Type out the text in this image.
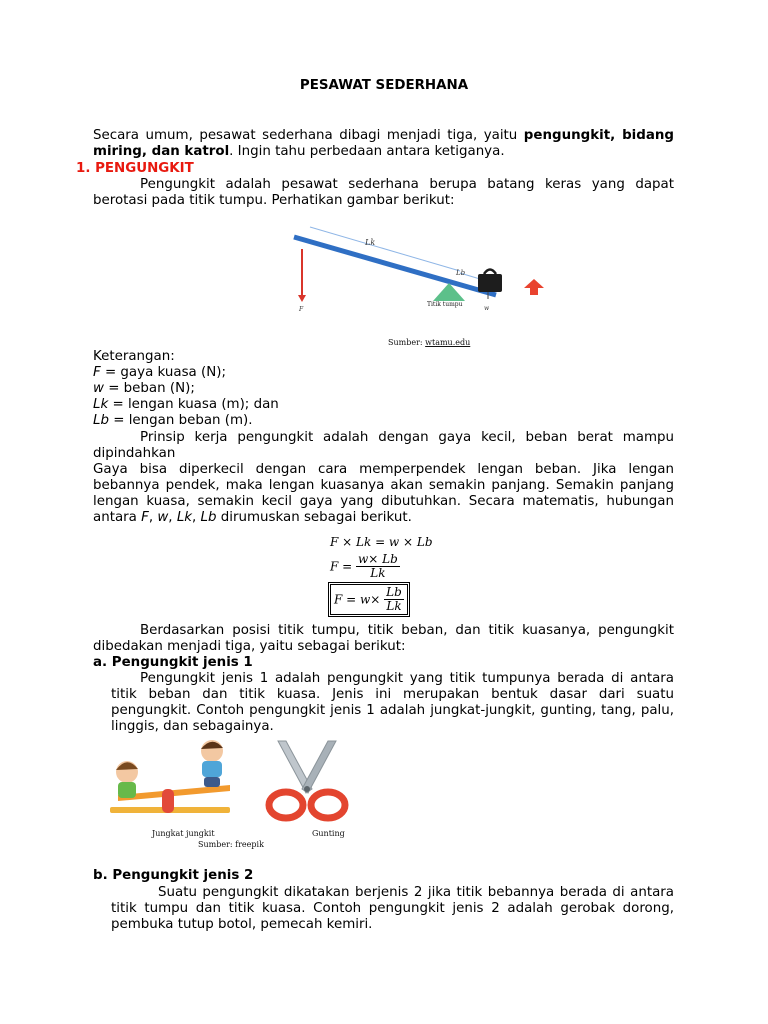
PESAWAT SEDERHANA
Secara umum, pesawat sederhana dibagi menjadi tiga, yaitu pengungkit, bidang miring, dan katrol. Ingin tahu perbedaan antara ketiganya.
1. PENGUNGKIT
Pengungkit adalah pesawat sederhana berupa batang keras yang dapat berotasi pada titik tumpu. Perhatikan gambar berikut:
Lk
Lb
Titik tumpu
F	w
Sumber: wtamu.edu
Keterangan:
F = gaya kuasa (N);
w = beban (N);
Lk = lengan kuasa (m); dan
Lb = lengan beban (m).
Prinsip kerja pengungkit adalah dengan gaya kecil, beban berat mampu dipindahkan
Gaya bisa diperkecil dengan cara memperpendek lengan beban. Jika lengan bebannya pendek, maka lengan kuasanya akan semakin panjang. Semakin panjang lengan kuasa, semakin kecil gaya yang dibutuhkan. Secara matematis, hubungan antara F, w, Lk, Lb dirumuskan sebagai berikut.
F × Lk = w × Lb
$F = \frac{w\times Lb}{Lk}$
$F = w\times \frac{Lb}{Lk}$
Berdasarkan posisi titik tumpu, titik beban, dan titik kuasanya, pengungkit dibedakan menjadi tiga, yaitu sebagai berikut:
a. Pengungkit jenis 1
Pengungkit jenis 1 adalah pengungkit yang titik tumpunya berada di antara titik beban dan titik kuasa. Jenis ini merupakan bentuk dasar dari suatu pengungkit. Contoh pengungkit jenis 1 adalah jungkat-jungkit, gunting, tang, palu, linggis, dan sebagainya.
Jungkat jungkit	Gunting
Sumber: freepik
b. Pengungkit jenis 2
Suatu pengungkit dikatakan berjenis 2 jika titik bebannya berada di antara titik tumpu dan titik kuasa. Contoh pengungkit jenis 2 adalah gerobak dorong, pembuka tutup botol, pemecah kemiri.
